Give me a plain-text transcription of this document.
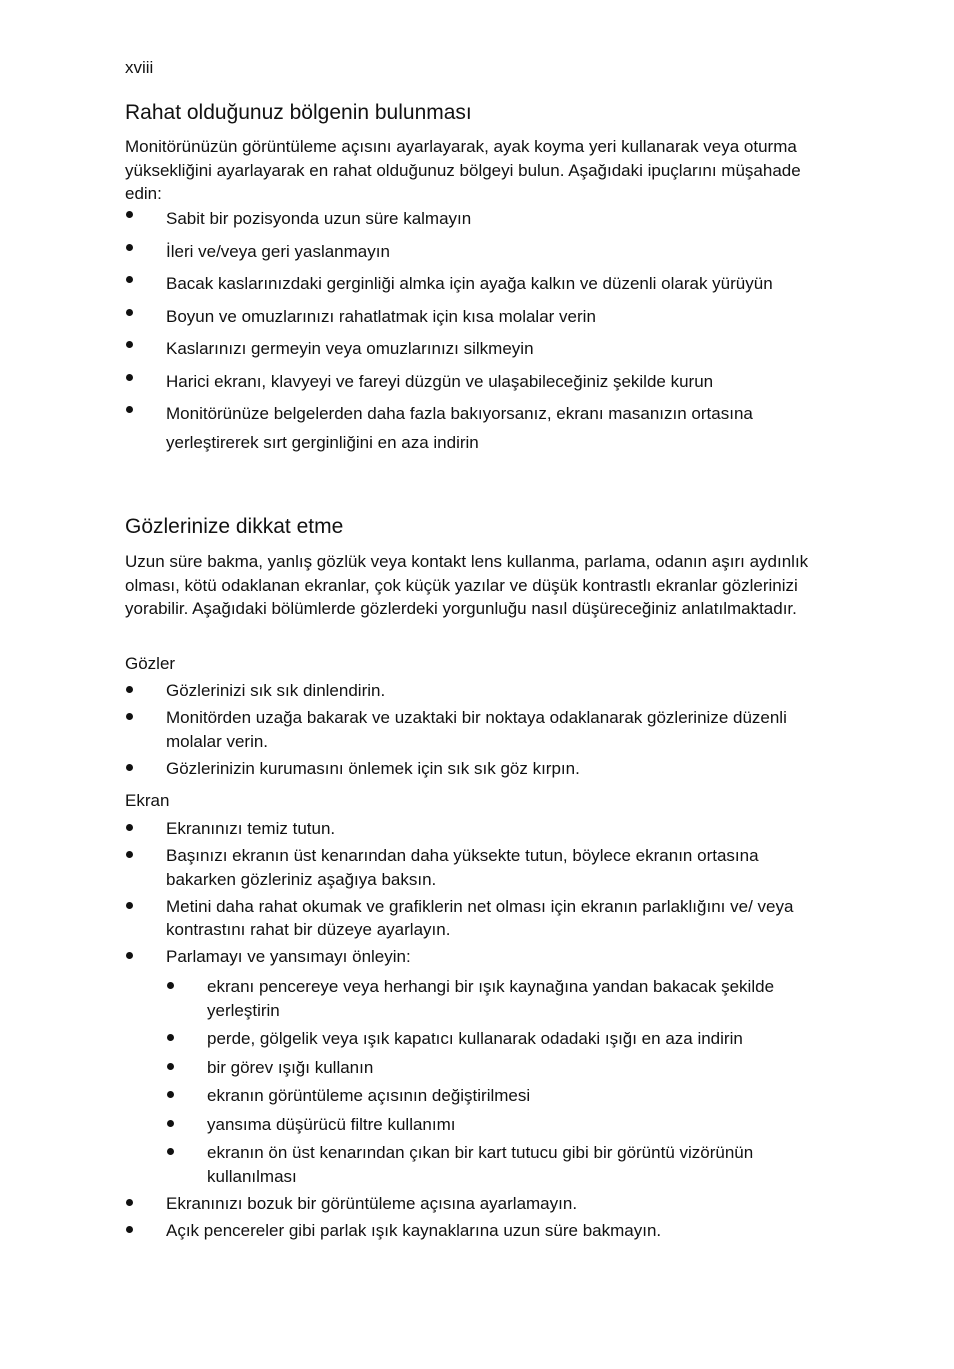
xviii
Rahat olduğunuz bölgenin bulunması

Monitörünüzün görüntüleme açısını ayarlayarak, ayak koyma yeri kullanarak veya oturma yüksekliğini ayarlayarak en rahat olduğunuz bölgeyi bulun. Aşağıdaki ipuçlarını müşahade edin:

Sabit bir pozisyonda uzun süre kalmayın
İleri ve/veya geri yaslanmayın
Bacak kaslarınızdaki gerginliği almka için ayağa kalkın ve düzenli olarak yürüyün
Boyun ve omuzlarınızı rahatlatmak için kısa molalar verin
Kaslarınızı germeyin veya omuzlarınızı silkmeyin
Harici ekranı, klavyeyi ve fareyi düzgün ve ulaşabileceğiniz şekilde kurun
Monitörünüze belgelerden daha fazla bakıyorsanız, ekranı masanızın ortasına yerleştirerek sırt gerginliğini en aza indirin
Gözlerinize dikkat etme

Uzun süre bakma, yanlış gözlük veya kontakt lens kullanma, parlama, odanın aşırı aydınlık olması, kötü odaklanan ekranlar, çok küçük yazılar ve düşük kontrastlı ekranlar gözlerinizi yorabilir. Aşağıdaki bölümlerde gözlerdeki yorgunluğu nasıl düşüreceğiniz anlatılmaktadır.

Gözler
Gözlerinizi sık sık dinlendirin.
Monitörden uzağa bakarak ve uzaktaki bir noktaya odaklanarak gözlerinize düzenli molalar verin.
Gözlerinizin kurumasını önlemek için sık sık göz kırpın.
Ekran
Ekranınızı temiz tutun.
Başınızı ekranın üst kenarından daha yüksekte tutun, böylece ekranın ortasına bakarken gözleriniz aşağıya baksın.
Metini daha rahat okumak ve grafiklerin net olması için ekranın parlaklığını ve/ veya kontrastını rahat bir düzeye ayarlayın.
Parlamayı ve yansımayı önleyin:
ekranı pencereye veya herhangi bir ışık kaynağına yandan bakacak şekilde yerleştirin
perde, gölgelik veya ışık kapatıcı kullanarak odadaki ışığı en aza indirin
bir görev ışığı kullanın
ekranın görüntüleme açısının değiştirilmesi
yansıma düşürücü filtre kullanımı
ekranın ön üst kenarından çıkan bir kart tutucu gibi bir görüntü vizörünün kullanılması
Ekranınızı bozuk bir görüntüleme açısına ayarlamayın.
Açık pencereler gibi parlak ışık kaynaklarına uzun süre bakmayın.
